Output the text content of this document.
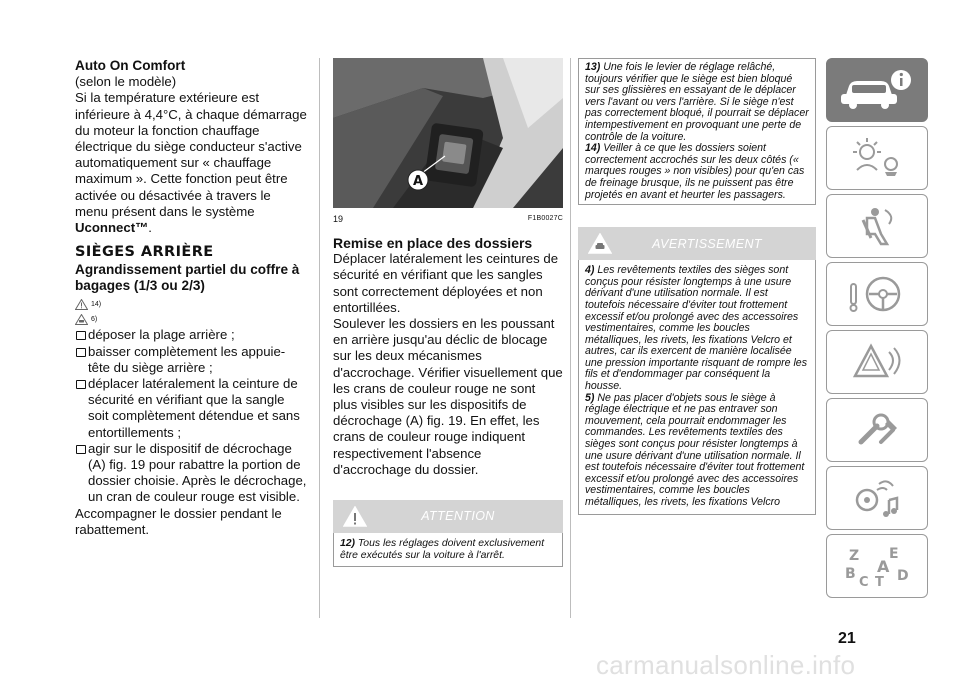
Auto On Comfort

(selon le modèle)

Si la température extérieure est inférieure à 4,4°C, à chaque démarrage du moteur la fonction chauffage électrique du siège conducteur s'active automatiquement sur « chauffage maximum ». Cette fonction peut être activée ou désactivée à travers le menu présent dans le système Uconnect™.

SIÈGES ARRIÈRE
Agrandissement partiel du coffre à bagages (1/3 ou 2/3)
14)
6)

déposer la plage arrière ;

baisser complètement les appuie-tête du siège arrière ;

déplacer latéralement la ceinture de sécurité en vérifiant que la sangle soit complètement détendue et sans entortillements ;

agir sur le dispositif de décrochage (A) fig. 19 pour rabattre la portion de dossier choisie. Après le décrochage, un cran de couleur rouge est visible.

Accompagner le dossier pendant le rabattement.

A
19	F1B0027C
Remise en place des dossiers

Déplacer latéralement les ceintures de sécurité en vérifiant que les sangles sont correctement déployées et non entortillées.

Soulever les dossiers en les poussant en arrière jusqu'au déclic de blocage sur les deux mécanismes d'accrochage. Vérifier visuellement que les crans de couleur rouge ne sont plus visibles sur les dispositifs de décrochage (A) fig. 19. En effet, les crans de couleur rouge indiquent respectivement l'absence d'accrochage du dossier.

ATTENTION

12) Tous les réglages doivent exclusivement être exécutés sur la voiture à l'arrêt.

13) Une fois le levier de réglage relâché, toujours vérifier que le siège est bien bloqué sur ses glissières en essayant de le déplacer vers l'avant ou vers l'arrière. Si le siège n'est pas correctement bloqué, il pourrait se déplacer intempestivement en provoquant une perte de contrôle de la voiture.

14) Veiller à ce que les dossiers soient correctement accrochés sur les deux côtés (« marques rouges » non visibles) pour qu'en cas de freinage brusque, ils ne puissent pas être projetés en avant et heurter les passagers.

AVERTISSEMENT

4) Les revêtements textiles des sièges sont conçus pour résister longtemps à une usure dérivant d'une utilisation normale. Il est toutefois nécessaire d'éviter tout frottement excessif et/ou prolongé avec des accessoires vestimentaires, comme les boucles métalliques, les rivets, les fixations Velcro et autres, car ils exercent de manière localisée une pression importante risquant de rompre les fils et d'endommager par conséquent la housse.

5) Ne pas placer d'objets sous le siège à réglage électrique et ne pas entraver son mouvement, cela pourrait endommager les commandes. Les revêtements textiles des sièges sont conçus pour résister longtemps à une usure dérivant d'une utilisation normale. Il est toutefois nécessaire d'éviter tout frottement excessif et/ou prolongé avec des accessoires vestimentaires, comme les boucles métalliques, les rivets, les fixations Velcro

Z E
B A
C T D
21
carmanualsonline.info
